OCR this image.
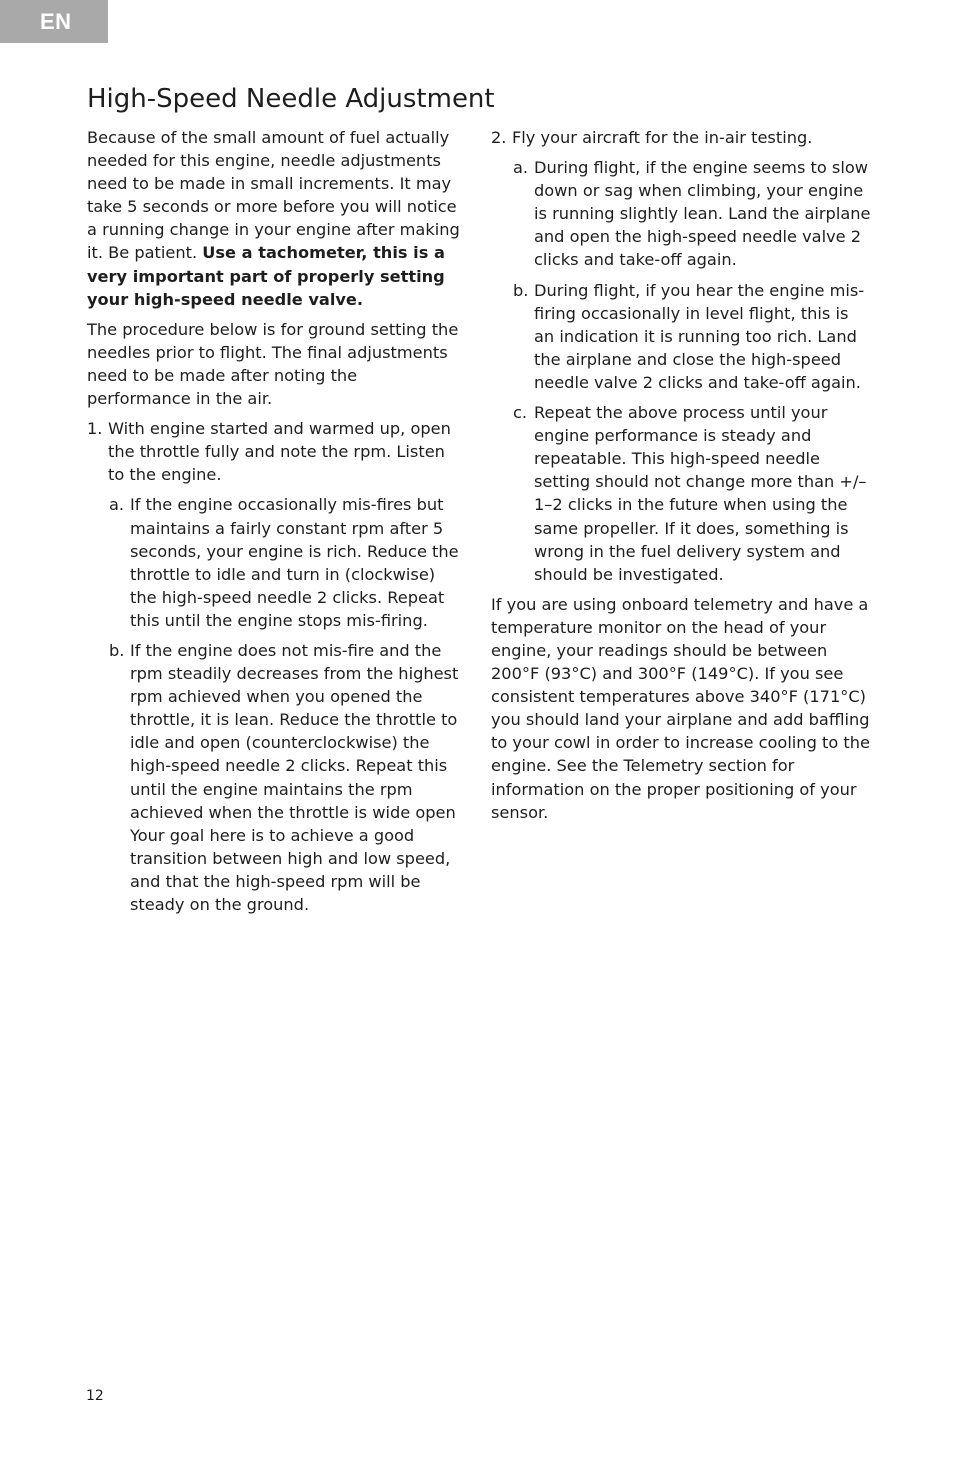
EN
High-Speed Needle Adjustment

Because of the small amount of fuel actually needed for this engine, needle adjustments need to be made in small increments. It may take 5 seconds or more before you will notice a running change in your engine after making it. Be patient. Use a tachometer, this is a very important part of properly setting your high-speed needle valve.

The procedure below is for ground setting the needles prior to flight. The final adjustments need to be made after noting the performance in the air.

1. With engine started and warmed up, open the throttle fully and note the rpm. Listen to the engine.
a. If the engine occasionally mis-fires but maintains a fairly constant rpm after 5 seconds, your engine is rich. Reduce the throttle to idle and turn in (clockwise) the high-speed needle 2 clicks. Repeat this until the engine stops mis-firing.
b. If the engine does not mis-fire and the rpm steadily decreases from the highest rpm achieved when you opened the throttle, it is lean. Reduce the throttle to idle and open (counterclockwise) the high-speed needle 2 clicks. Repeat this until the engine maintains the rpm achieved when the throttle is wide open Your goal here is to achieve a good transition between high and low speed, and that the high-speed rpm will be steady on the ground.
2. Fly your aircraft for the in-air testing.
a. During flight, if the engine seems to slow down or sag when climbing, your engine is running slightly lean. Land the airplane and open the high-speed needle valve 2 clicks and take-off again.
b. During flight, if you hear the engine mis-firing occasionally in level flight, this is an indication it is running too rich. Land the airplane and close the high-speed needle valve 2 clicks and take-off again.
c. Repeat the above process until your engine performance is steady and repeatable. This high-speed needle setting should not change more than +/– 1–2 clicks in the future when using the same propeller. If it does, something is wrong in the fuel delivery system and should be investigated.

If you are using onboard telemetry and have a temperature monitor on the head of your engine, your readings should be between 200°F (93°C) and 300°F (149°C). If you see consistent temperatures above 340°F (171°C) you should land your airplane and add baffling to your cowl in order to increase cooling to the engine. See the Telemetry section for information on the proper positioning of your sensor.

12
